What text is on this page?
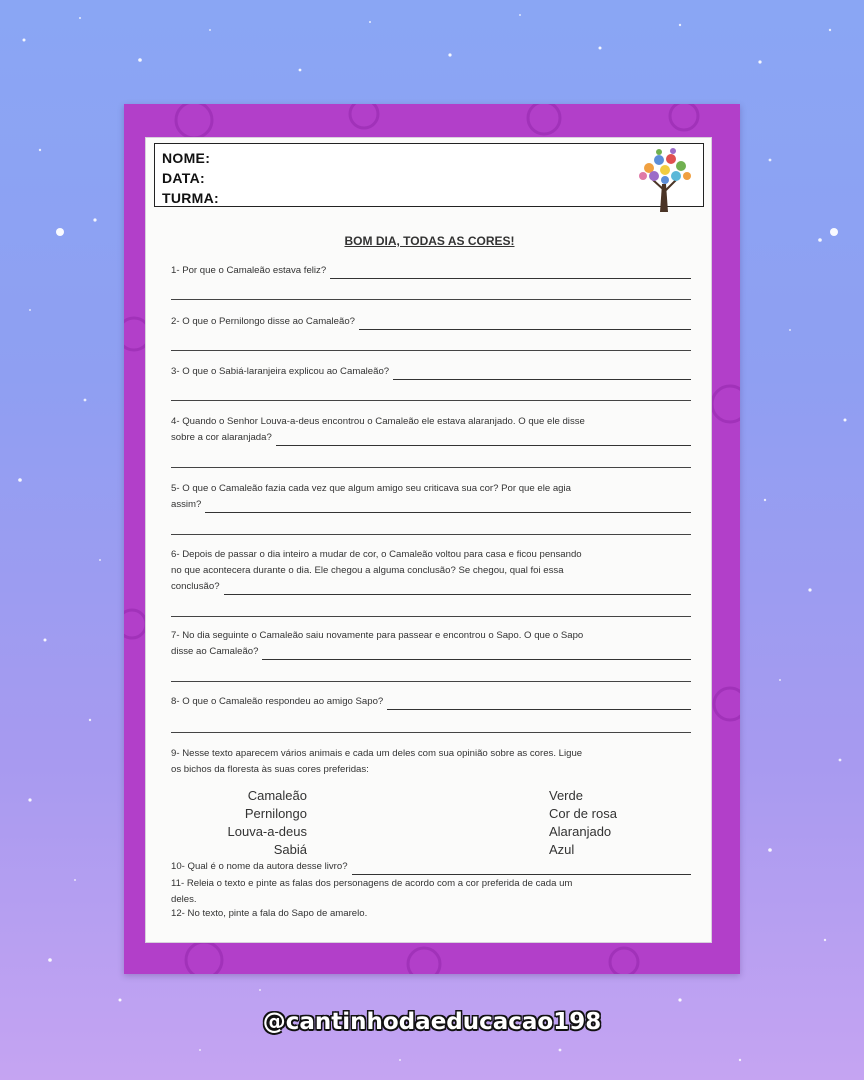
NOME:
DATA:
TURMA:
BOM DIA, TODAS AS CORES!
1- Por que o Camaleão estava feliz?
2- O que o Pernilongo disse ao Camaleão?
3- O que o Sabiá-laranjeira explicou ao Camaleão?
4- Quando o Senhor Louva-a-deus encontrou o Camaleão ele estava alaranjado. O que ele disse
sobre a cor alaranjada?
5- O que o Camaleão fazia cada vez que algum amigo seu criticava sua cor? Por que ele agia
assim?
6- Depois de passar o dia inteiro a mudar de cor, o Camaleão voltou para casa e ficou pensando
no que acontecera durante o dia. Ele chegou a alguma conclusão? Se chegou, qual foi essa
conclusão?
7- No dia seguinte o Camaleão saiu novamente para passear e encontrou o Sapo. O que o Sapo
disse ao Camaleão?
8- O que o Camaleão respondeu ao amigo Sapo?
9- Nesse texto aparecem vários animais e cada um deles com sua opinião sobre as cores. Ligue
os bichos da floresta às suas cores preferidas:
Camaleão
Pernilongo
Louva-a-deus
Sabiá
Verde
Cor de rosa
Alaranjado
Azul
10- Qual é o nome da autora desse livro?
11- Releia o texto e pinte as falas dos personagens de acordo com a cor preferida de cada um
deles.
12- No texto, pinte a fala do Sapo de amarelo.
@cantinhodaeducacao198
